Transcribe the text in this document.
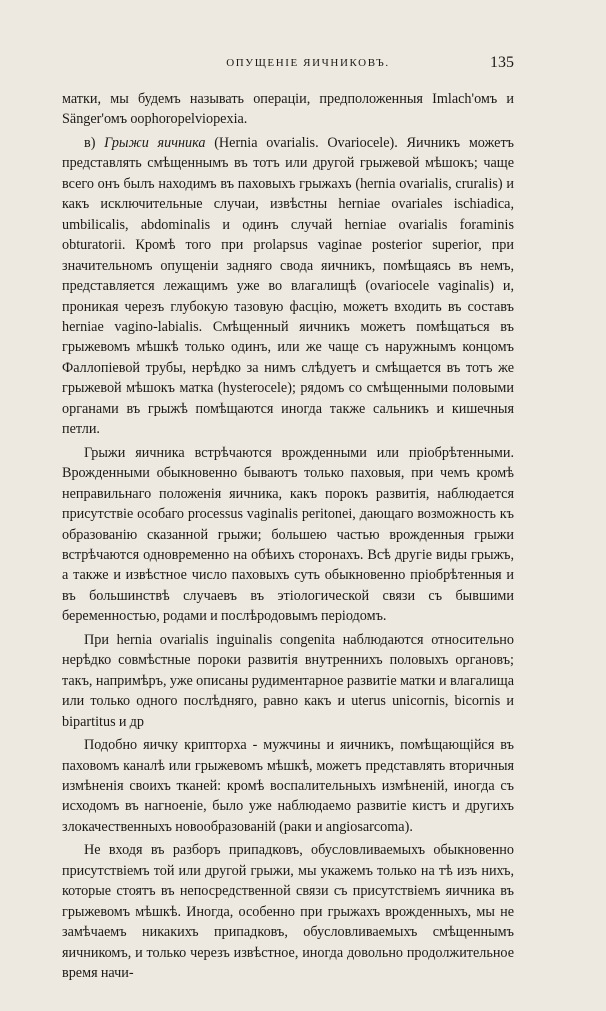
ОПУЩЕНІЕ ЯИЧНИКОВЪ.	135

матки, мы будемъ называть операціи, предположенныя Imlach'омъ и Sänger'омъ oophoropelviopexia.

в) Грыжи яичника (Hernia ovarialis. Ovariocele). Яичникъ можетъ представлять смѣщеннымъ въ тотъ или другой грыжевой мѣшокъ; чаще всего онъ былъ находимъ въ паховыхъ грыжахъ (hernia ovarialis, cruralis) и какъ исключительные случаи, извѣстны herniae ovariales ischiadica, umbilicalis, abdominalis и одинъ случай herniae ovarialis foraminis obturatorii. Кромѣ того при prolapsus vaginae posterior superior, при значительномъ опущеніи задняго свода яичникъ, помѣщаясь въ немъ, представляется лежащимъ уже во влагалищѣ (ovariocele vaginalis) и, проникая черезъ глубокую тазовую фасцію, можетъ входить въ составъ herniae vagino-labialis. Смѣщенный яичникъ можетъ помѣщаться въ грыжевомъ мѣшкѣ только одинъ, или же чаще съ наружнымъ концомъ Фаллопіевой трубы, нерѣдко за нимъ слѣдуетъ и смѣщается въ тотъ же грыжевой мѣшокъ матка (hysterocele); рядомъ со смѣщенными половыми органами въ грыжѣ помѣщаются иногда также сальникъ и кишечныя петли.

Грыжи яичника встрѣчаются врожденными или пріобрѣтенными. Врожденными обыкновенно бываютъ только паховыя, при чемъ кромѣ неправильнаго положенія яичника, какъ порокъ развитія, наблюдается присутствіе особаго processus vaginalis peritonei, дающаго возможность къ образованію сказанной грыжи; большею частью врожденныя грыжи встрѣчаются одновременно на обѣихъ сторонахъ. Всѣ другіе виды грыжъ, а также и извѣстное число паховыхъ суть обыкновенно пріобрѣтенныя и въ большинствѣ случаевъ въ этіологической связи съ бывшими беременностью, родами и послѣродовымъ періодомъ.

При hernia ovarialis inguinalis congenita наблюдаются относительно нерѣдко совмѣстные пороки развитія внутреннихъ половыхъ органовъ; такъ, напримѣръ, уже описаны рудиментарное развитіе матки и влагалища или только одного послѣдняго, равно какъ и uterus unicornis, bicornis и bipartitus и др

Подобно яичку крипторха - мужчины и яичникъ, помѣщающійся въ паховомъ каналѣ или грыжевомъ мѣшкѣ, можетъ представлять вторичныя измѣненія своихъ тканей: кромѣ воспалительныхъ измѣненій, иногда съ исходомъ въ нагноеніе, было уже наблюдаемо развитіе кистъ и другихъ злокачественныхъ новообразованій (раки и angiosarcoma).

Не входя въ разборъ припадковъ, обусловливаемыхъ обыкновенно присутствіемъ той или другой грыжи, мы укажемъ только на тѣ изъ нихъ, которые стоятъ въ непосредственной связи съ присутствіемъ яичника въ грыжевомъ мѣшкѣ. Иногда, особенно при грыжахъ врожденныхъ, мы не замѣчаемъ никакихъ припадковъ, обусловливаемыхъ смѣщеннымъ яичникомъ, и только черезъ извѣстное, иногда довольно продолжительное время начи-
